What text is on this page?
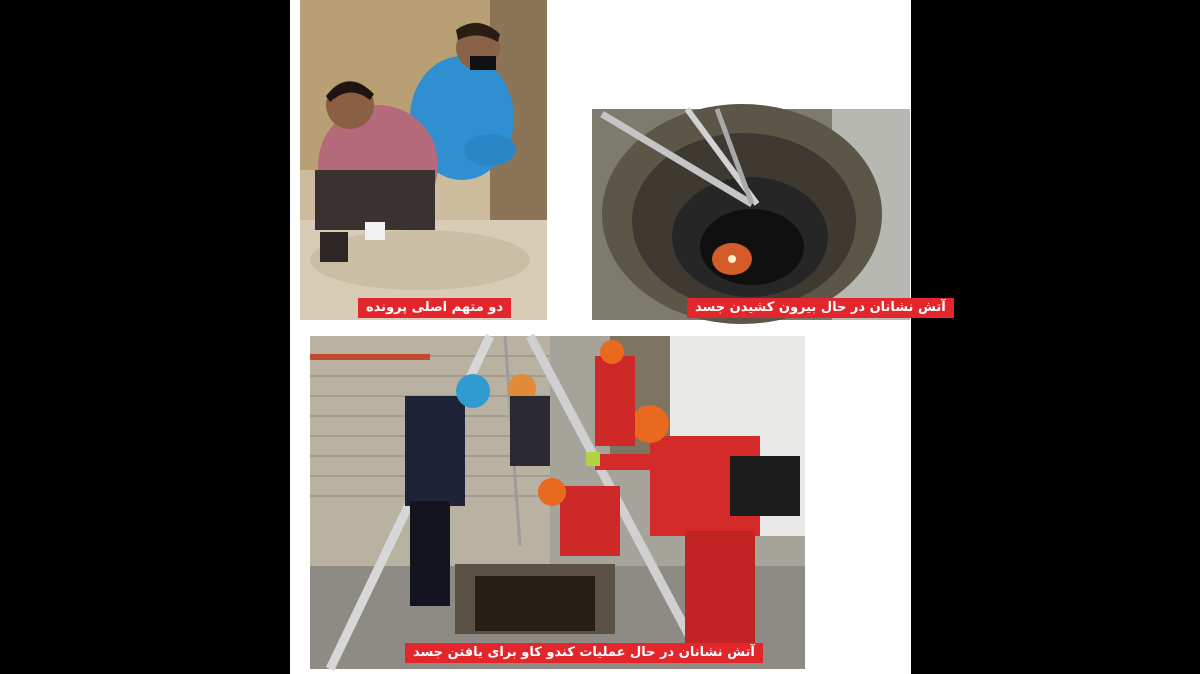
دو متهم اصلی پرونده	آتش نشانان در حال بیرون کشیدن جسد
آتش نشانان در حال عملیات کندو کاو برای یافتن جسد
